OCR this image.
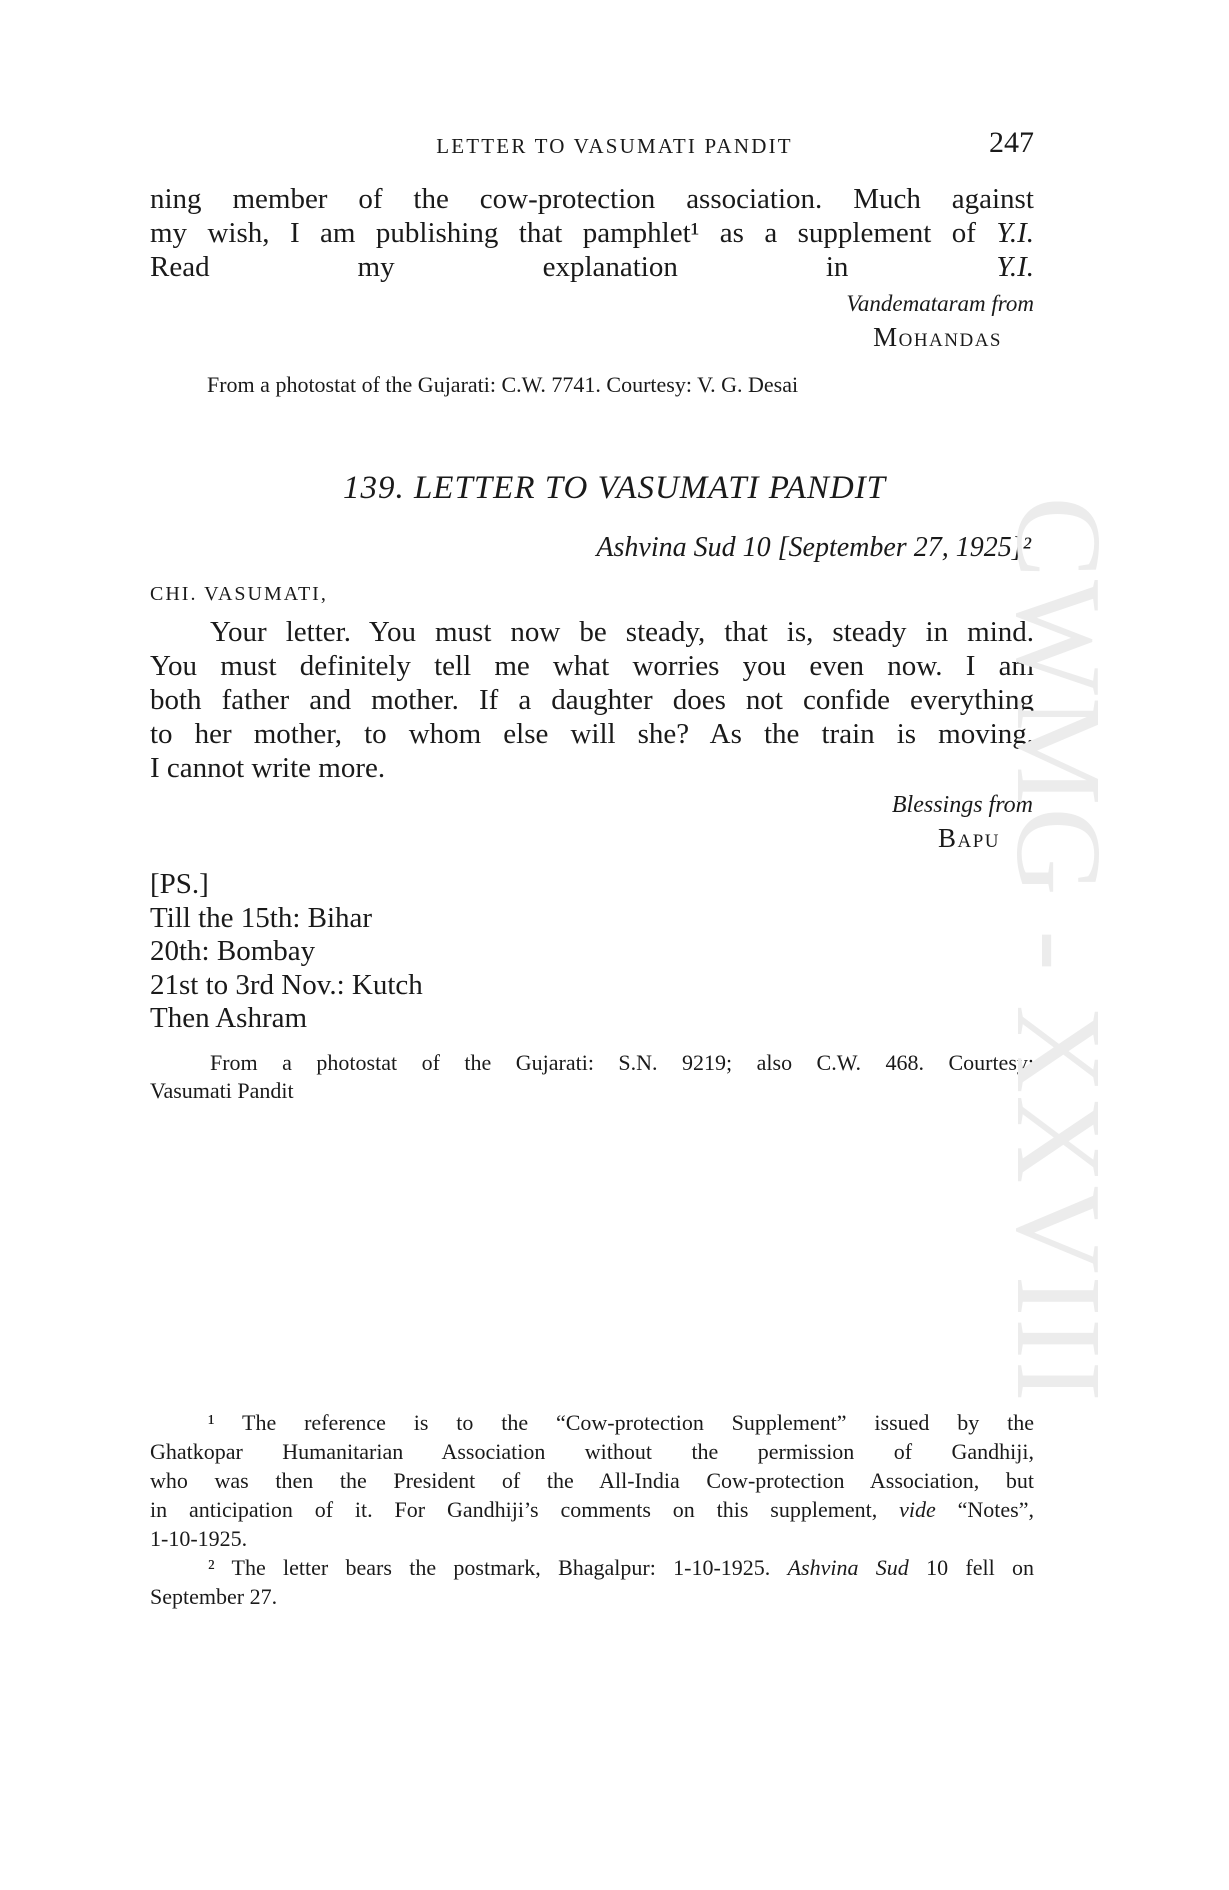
LETTER TO VASUMATI PANDIT	247
ning member of the cow-protection association. Much against
my wish, I am publishing that pamphlet¹ as a supplement of Y.I.
Read my explanation in Y.I.
Vandemataram from
Mohandas
From a photostat of the Gujarati: C.W. 7741. Courtesy: V. G. Desai
139. LETTER TO VASUMATI PANDIT
Ashvina Sud 10 [September 27, 1925]²
CHI. VASUMATI,
Your letter. You must now be steady, that is, steady in mind.
You must definitely tell me what worries you even now. I am
both father and mother. If a daughter does not confide everything
to her mother, to whom else will she? As the train is moving,
I cannot write more.
Blessings from
Bapu
[PS.]
Till the 15th: Bihar
20th: Bombay
21st to 3rd Nov.: Kutch
Then Ashram
From a photostat of the Gujarati: S.N. 9219; also C.W. 468. Courtesy:
Vasumati Pandit
¹ The reference is to the “Cow-protection Supplement” issued by the
Ghatkopar Humanitarian Association without the permission of Gandhiji,
who was then the President of the All-India Cow-protection Association, but
in anticipation of it. For Gandhiji’s comments on this supplement, vide “Notes”,
1-10-1925.
² The letter bears the postmark, Bhagalpur: 1-10-1925. Ashvina Sud 10 fell on
September 27.
CWMG - XXVIII
